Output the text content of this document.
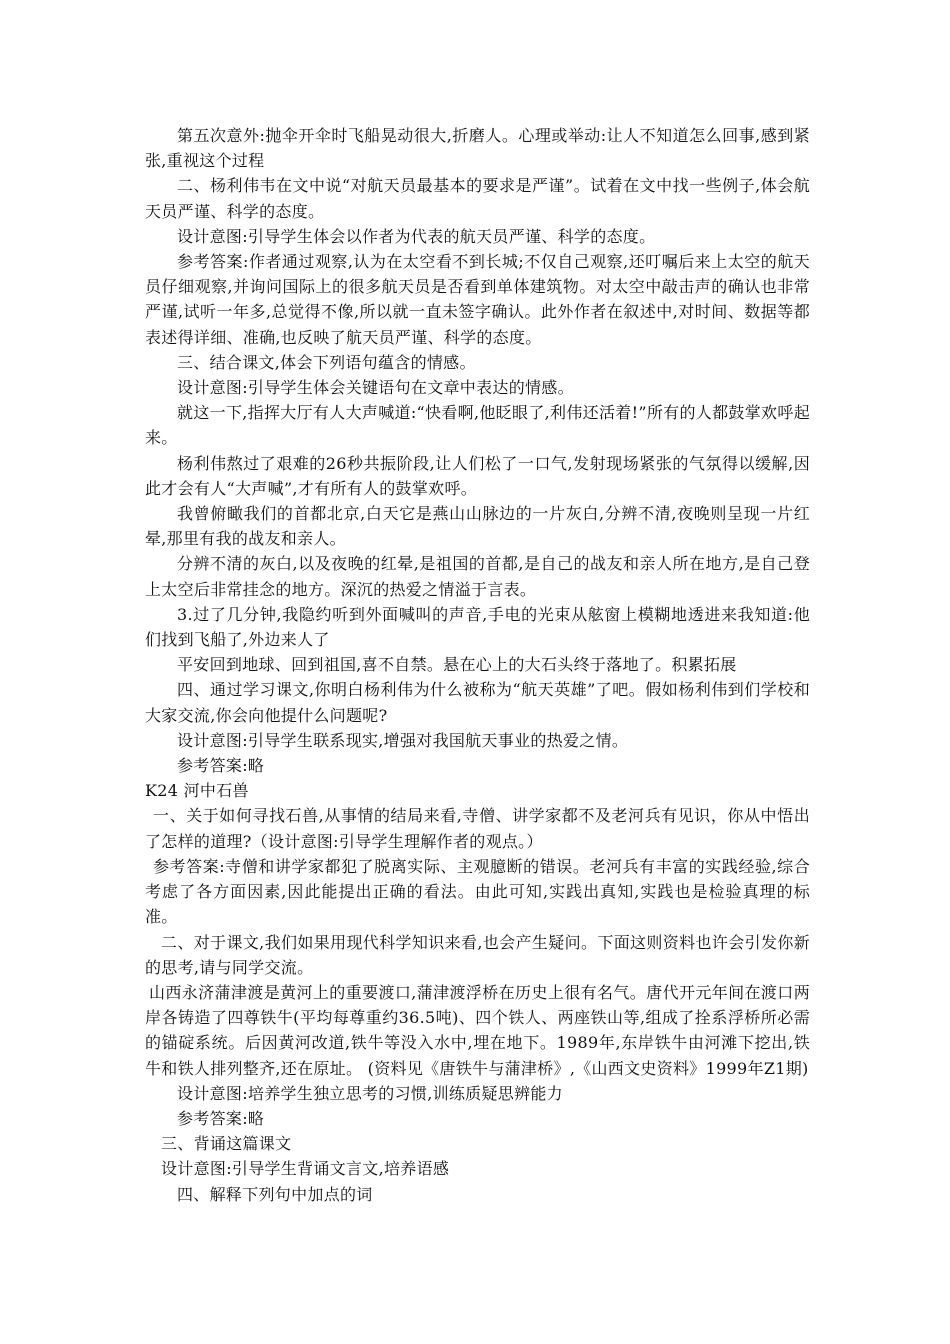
第五次意外:抛伞开伞时飞船晃动很大,折磨人。心理或举动:让人不知道怎么回事,感到紧张,重视这个过程

二、杨利伟韦在文中说“对航天员最基本的要求是严谨”。试着在文中找一些例子,体会航天员严谨、科学的态度。

设计意图:引导学生体会以作者为代表的航天员严谨、科学的态度。

参考答案:作者通过观察,认为在太空看不到长城;不仅自己观察,还叮嘱后来上太空的航天员仔细观察,并询问国际上的很多航天员是否看到单体建筑物。对太空中敲击声的确认也非常严谨,试听一年多,总觉得不像,所以就一直未签字确认。此外作者在叙述中,对时间、数据等都表述得详细、准确,也反映了航天员严谨、科学的态度。

三、结合课文,体会下列语句蕴含的情感。

设计意图:引导学生体会关键语句在文章中表达的情感。

就这一下,指挥大厅有人大声喊道:“快看啊,他眨眼了,利伟还活着!”所有的人都鼓掌欢呼起来。

杨利伟熬过了艰难的26秒共振阶段,让人们松了一口气,发射现场紧张的气氛得以缓解,因此才会有人“大声喊”,才有所有人的鼓掌欢呼。

我曾俯瞰我们的首都北京,白天它是燕山山脉边的一片灰白,分辨不清,夜晚则呈现一片红晕,那里有我的战友和亲人。

分辨不清的灰白,以及夜晚的红晕,是祖国的首都,是自己的战友和亲人所在地方,是自己登上太空后非常挂念的地方。深沉的热爱之情溢于言表。

3.过了几分钟,我隐约听到外面喊叫的声音,手电的光束从舷窗上模糊地透进来我知道:他们找到飞船了,外边来人了

平安回到地球、回到祖国,喜不自禁。悬在心上的大石头终于落地了。积累拓展

四、通过学习课文,你明白杨利伟为什么被称为“航天英雄”了吧。假如杨利伟到们学校和大家交流,你会向他提什么问题呢?

设计意图:引导学生联系现实,增强对我国航天事业的热爱之情。

参考答案:略

K24 河中石兽

一、关于如何寻找石兽,从事情的结局来看,寺僧、讲学家都不及老河兵有见识，你从中悟出了怎样的道理?（设计意图:引导学生理解作者的观点。）

参考答案:寺僧和讲学家都犯了脱离实际、主观臆断的错误。老河兵有丰富的实践经验,综合考虑了各方面因素,因此能提出正确的看法。由此可知,实践出真知,实践也是检验真理的标准。

二、对于课文,我们如果用现代科学知识来看,也会产生疑问。下面这则资料也许会引发你新的思考,请与同学交流。

山西永济蒲津渡是黄河上的重要渡口,蒲津渡浮桥在历史上很有名气。唐代开元年间在渡口两岸各铸造了四尊铁牛(平均每尊重约36.5吨)、四个铁人、两座铁山等,组成了拴系浮桥所必需的锚碇系统。后因黄河改道,铁牛等没入水中,埋在地下。1989年,东岸铁牛由河滩下挖出,铁牛和铁人排列整齐,还在原址。 (资料见《唐铁牛与蒲津桥》,《山西文史资料》1999年Z1期)

设计意图:培养学生独立思考的习惯,训练质疑思辨能力

参考答案:略

三、背诵这篇课文

设计意图:引导学生背诵文言文,培养语感

四、解释下列句中加点的词
